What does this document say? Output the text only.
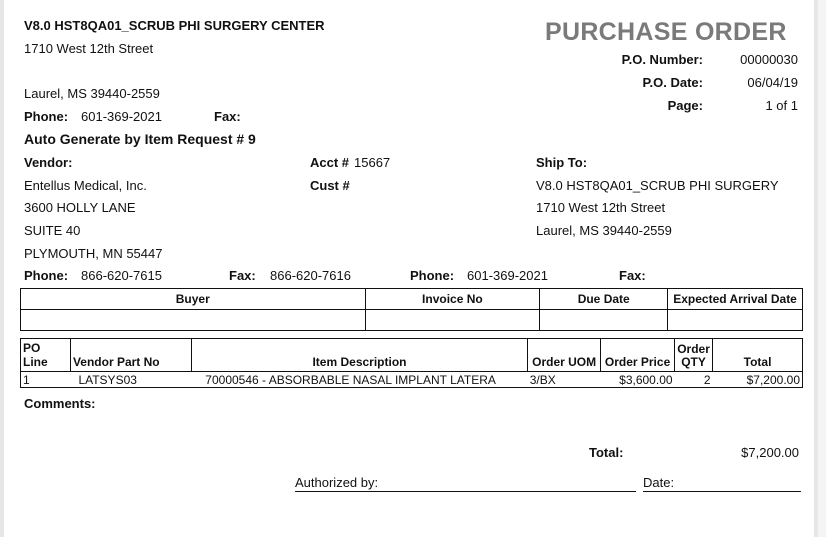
V8.0 HST8QA01_SCRUB PHI SURGERY CENTER
1710 West 12th Street
Laurel, MS 39440-2559
Phone: 601-369-2021	Fax:
PURCHASE ORDER
P.O. Number:	00000030
P.O. Date:	06/04/19
Page:	1 of 1
Auto Generate by Item Request # 9
Vendor:
Entellus Medical, Inc.
3600 HOLLY LANE
SUITE 40
PLYMOUTH, MN 55447
Phone: 866-620-7615	Fax: 866-620-7616
Acct # 15667
Cust #
Ship To:
V8.0 HST8QA01_SCRUB PHI SURGERY
1710 West 12th Street
Laurel, MS 39440-2559
Phone: 601-369-2021	Fax:
Buyer	Invoice No	Due Date	Expected Arrival Date

PO Line	Vendor Part No	Item Description	Order UOM	Order Price	Order QTY	Total
1	LATSYS03	70000546 - ABSORBABLE NASAL IMPLANT LATERA	3/BX	$3,600.00	2	$7,200.00
Comments:
Total:	$7,200.00
Authorized by:	Date:
